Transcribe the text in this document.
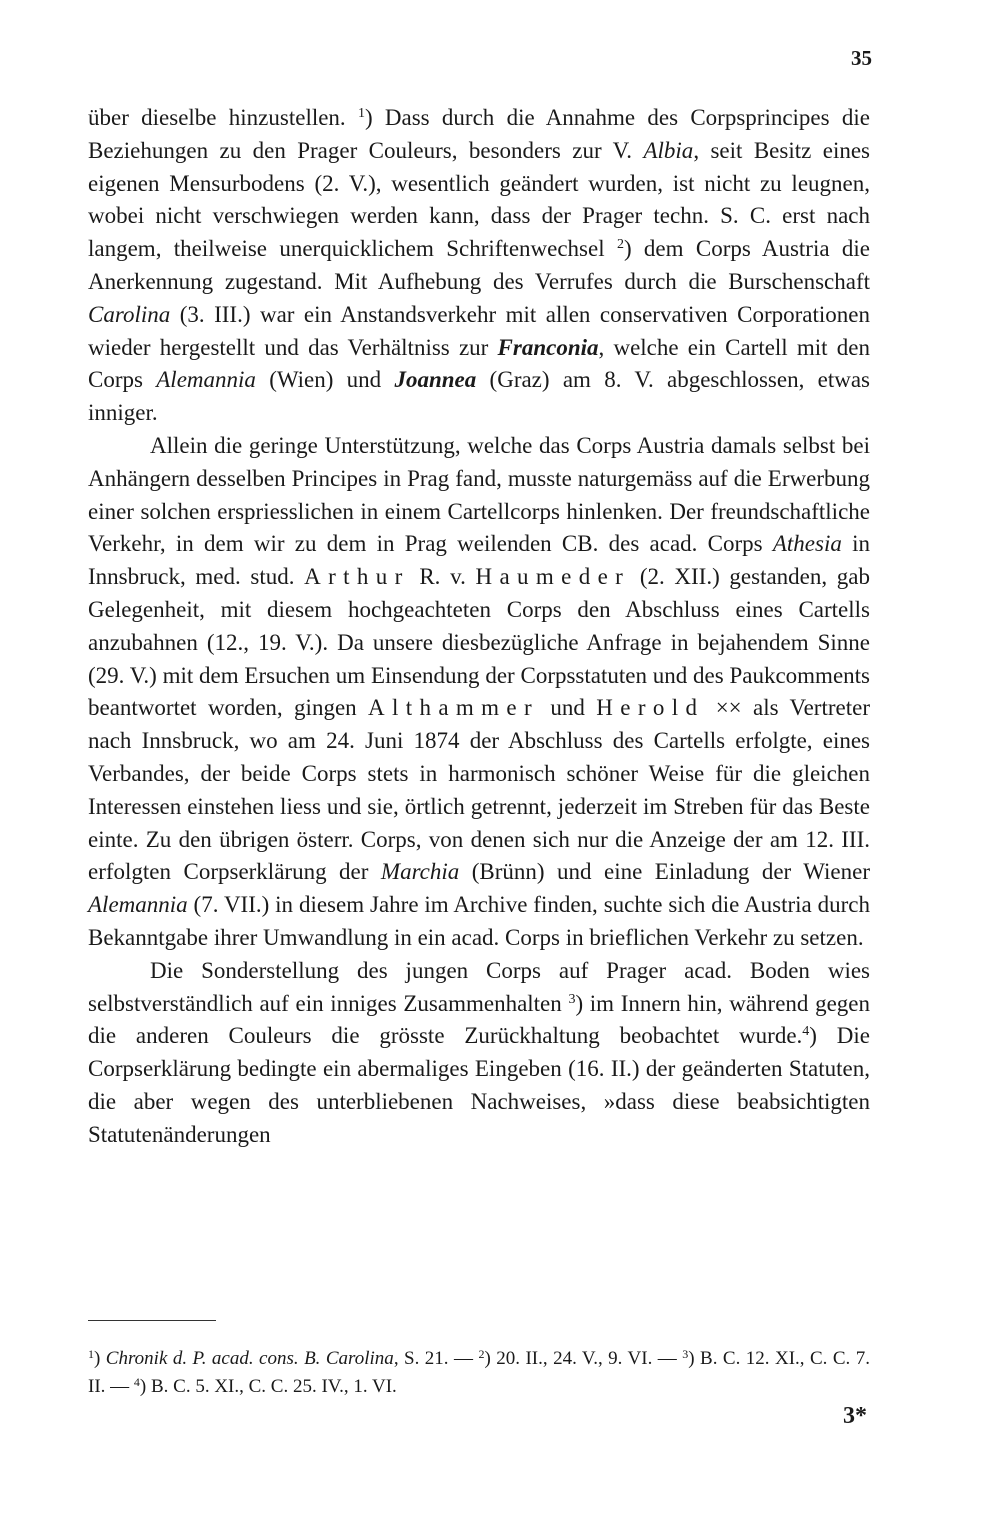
35

über dieselbe hinzustellen. $^1$) Dass durch die Annahme des Corpsprincipes die Beziehungen zu den Prager Couleurs, besonders zur V. Albia, seit Besitz eines eigenen Mensurbodens (2. V.), wesentlich geändert wurden, ist nicht zu leugnen, wobei nicht verschwiegen werden kann, dass der Prager techn. S. C. erst nach langem, theilweise unerquicklichem Schriftenwechsel $^2$) dem Corps Austria die Anerkennung zugestand. Mit Aufhebung des Verrufes durch die Burschenschaft Carolina (3. III.) war ein Anstandsverkehr mit allen conservativen Corporationen wieder hergestellt und das Verhältniss zur Franconia, welche ein Cartell mit den Corps Alemannia (Wien) und Joannea (Graz) am 8. V. abgeschlossen, etwas inniger.

Allein die geringe Unterstützung, welche das Corps Austria damals selbst bei Anhängern desselben Principes in Prag fand, musste naturgemäss auf die Erwerbung einer solchen erspriesslichen in einem Cartellcorps hinlenken. Der freundschaftliche Verkehr, in dem wir zu dem in Prag weilenden CB. des acad. Corps Athesia in Innsbruck, med. stud. Arthur R. v. Haumeder (2. XII.) gestanden, gab Gelegenheit, mit diesem hochgeachteten Corps den Abschluss eines Cartells anzubahnen (12., 19. V.). Da unsere diesbezügliche Anfrage in bejahendem Sinne (29. V.) mit dem Ersuchen um Einsendung der Corpsstatuten und des Paukcomments beantwortet worden, gingen Althammer und Herold ×× als Vertreter nach Innsbruck, wo am 24. Juni 1874 der Abschluss des Cartells erfolgte, eines Verbandes, der beide Corps stets in harmonisch schöner Weise für die gleichen Interessen einstehen liess und sie, örtlich getrennt, jederzeit im Streben für das Beste einte. Zu den übrigen österr. Corps, von denen sich nur die Anzeige der am 12. III. erfolgten Corpserklärung der Marchia (Brünn) und eine Einladung der Wiener Alemannia (7. VII.) in diesem Jahre im Archive finden, suchte sich die Austria durch Bekanntgabe ihrer Umwandlung in ein acad. Corps in brieflichen Verkehr zu setzen.

Die Sonderstellung des jungen Corps auf Prager acad. Boden wies selbstverständlich auf ein inniges Zusammenhalten $^3$) im Innern hin, während gegen die anderen Couleurs die grösste Zurückhaltung beobachtet wurde.$^4$) Die Corpserklärung bedingte ein abermaliges Eingeben (16. II.) der geänderten Statuten, die aber wegen des unterbliebenen Nachweises, »dass diese beabsichtigten Statutenänderungen

$^1$) Chronik d. P. acad. cons. B. Carolina, S. 21. — $^2$) 20. II., 24. V., 9. VI. — $^3$) B. C. 12. XI., C. C. 7. II. — $^4$) B. C. 5. XI., C. C. 25. IV., 1. VI.
3*
